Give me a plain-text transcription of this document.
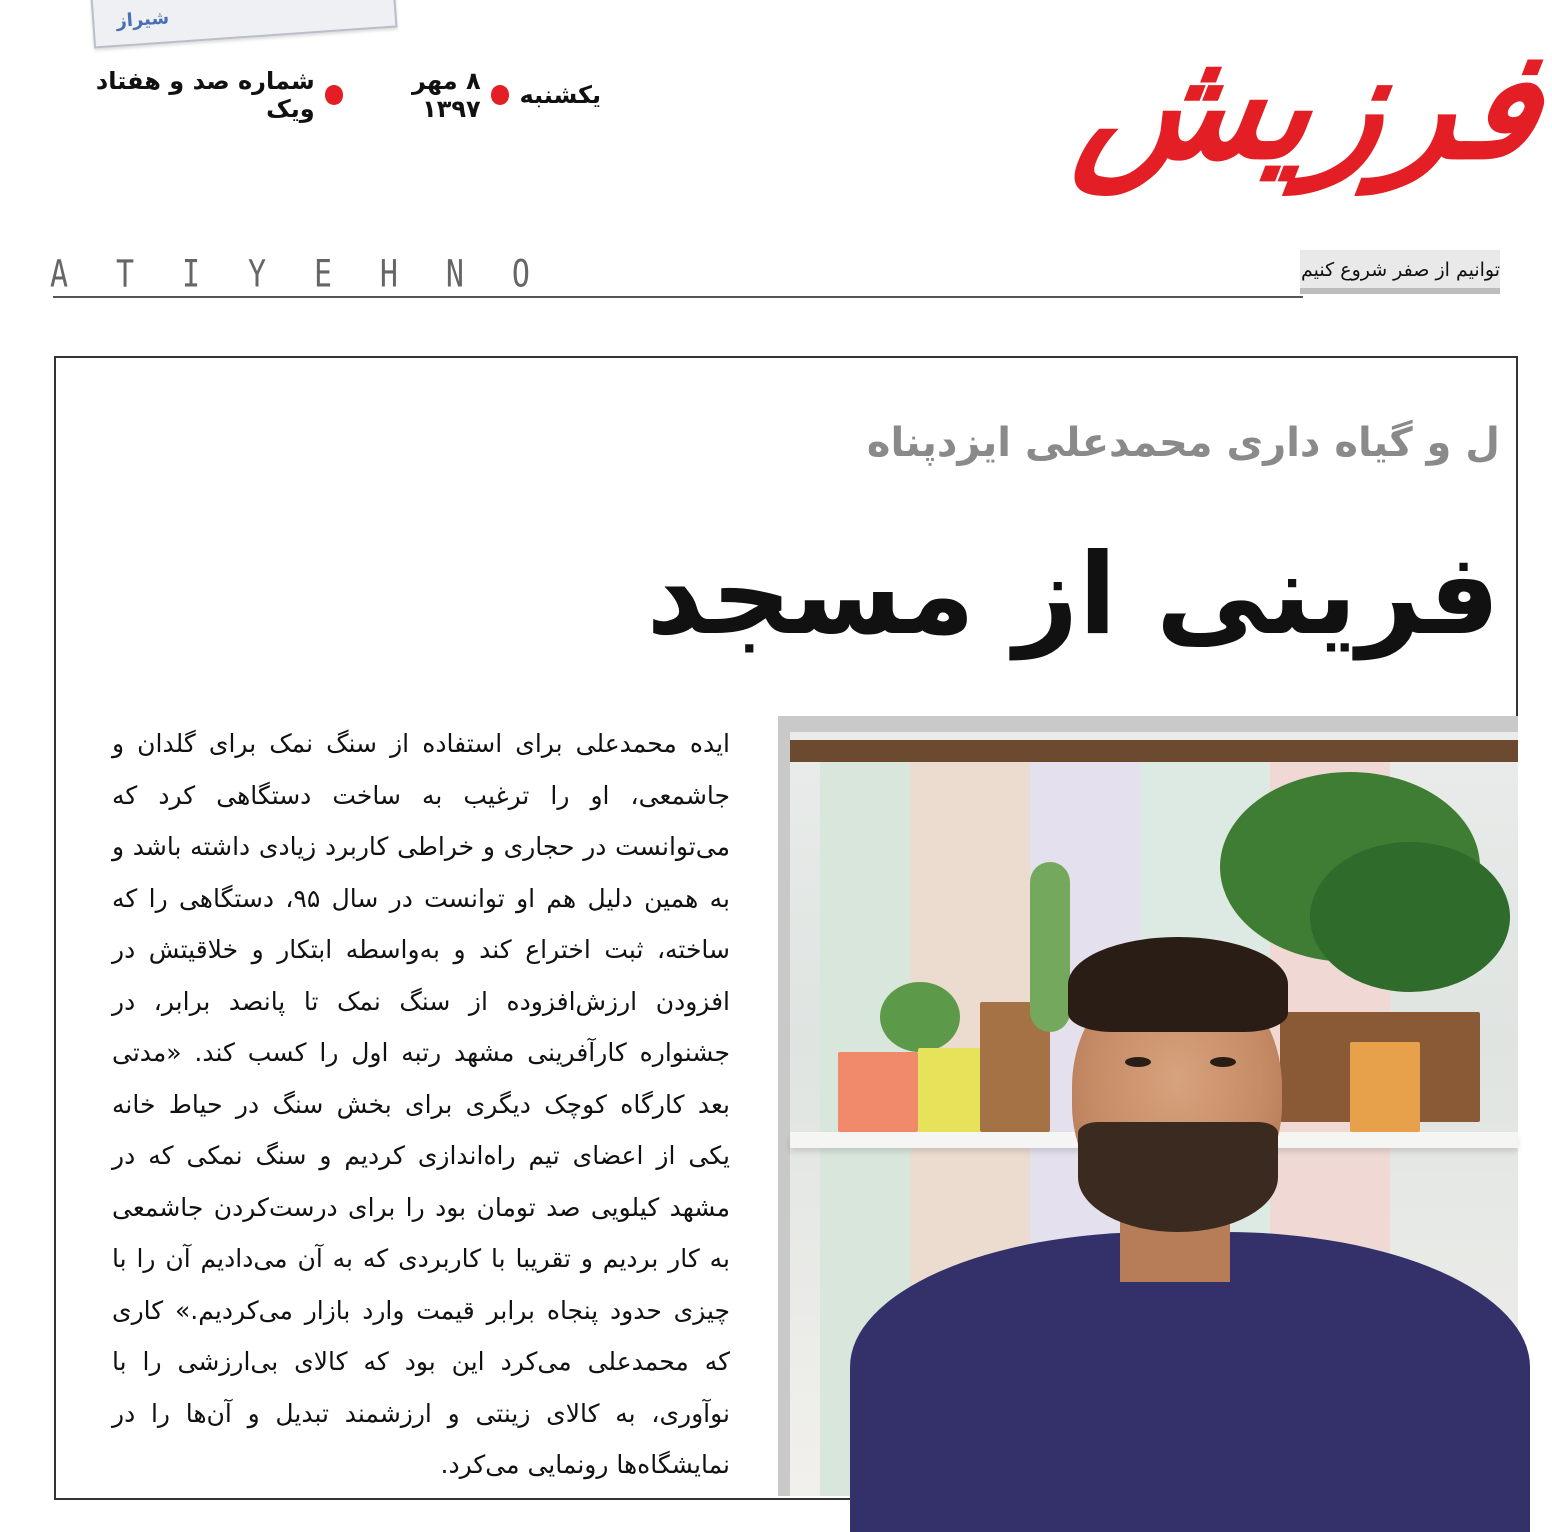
شیراز
یکشنبه
۸ مهر ۱۳۹۷
شماره صد و هفتاد ویک	فرزیش
توانیم از صفر شروع کنیم
A T I Y E H N O
ل و گیاه داری محمدعلی ایزدپناه
فرینی از مسجد

ایده محمدعلی برای استفاده از سنگ نمک برای گلدان و جاشمعی، او را ترغیب به ساخت دستگاهی کرد که می‌توانست در حجاری و خراطی کاربرد زیادی داشته باشد و به همین دلیل هم او توانست در سال ۹۵، دستگاهی را که ساخته، ثبت اختراع کند و به‌واسطه ابتکار و خلاقیتش در افزودن ارزش‌افزوده از سنگ نمک تا پانصد برابر، در جشنواره کارآفرینی مشهد رتبه اول را کسب کند. «مدتی بعد کارگاه کوچک دیگری برای بخش سنگ در حیاط خانه یکی از اعضای تیم راه‌اندازی کردیم و سنگ نمکی که در مشهد کیلویی صد تومان بود را برای درست‌کردن جاشمعی به کار بردیم و تقریبا با کاربردی که به آن می‌دادیم آن را با چیزی حدود پنجاه برابر قیمت وارد بازار می‌کردیم.» کاری که محمدعلی می‌کرد این بود که کالای بی‌ارزشی را با نوآوری، به کالای زینتی و ارزشمند تبدیل و آن‌ها را در نمایشگاه‌ها رونمایی می‌کرد.
